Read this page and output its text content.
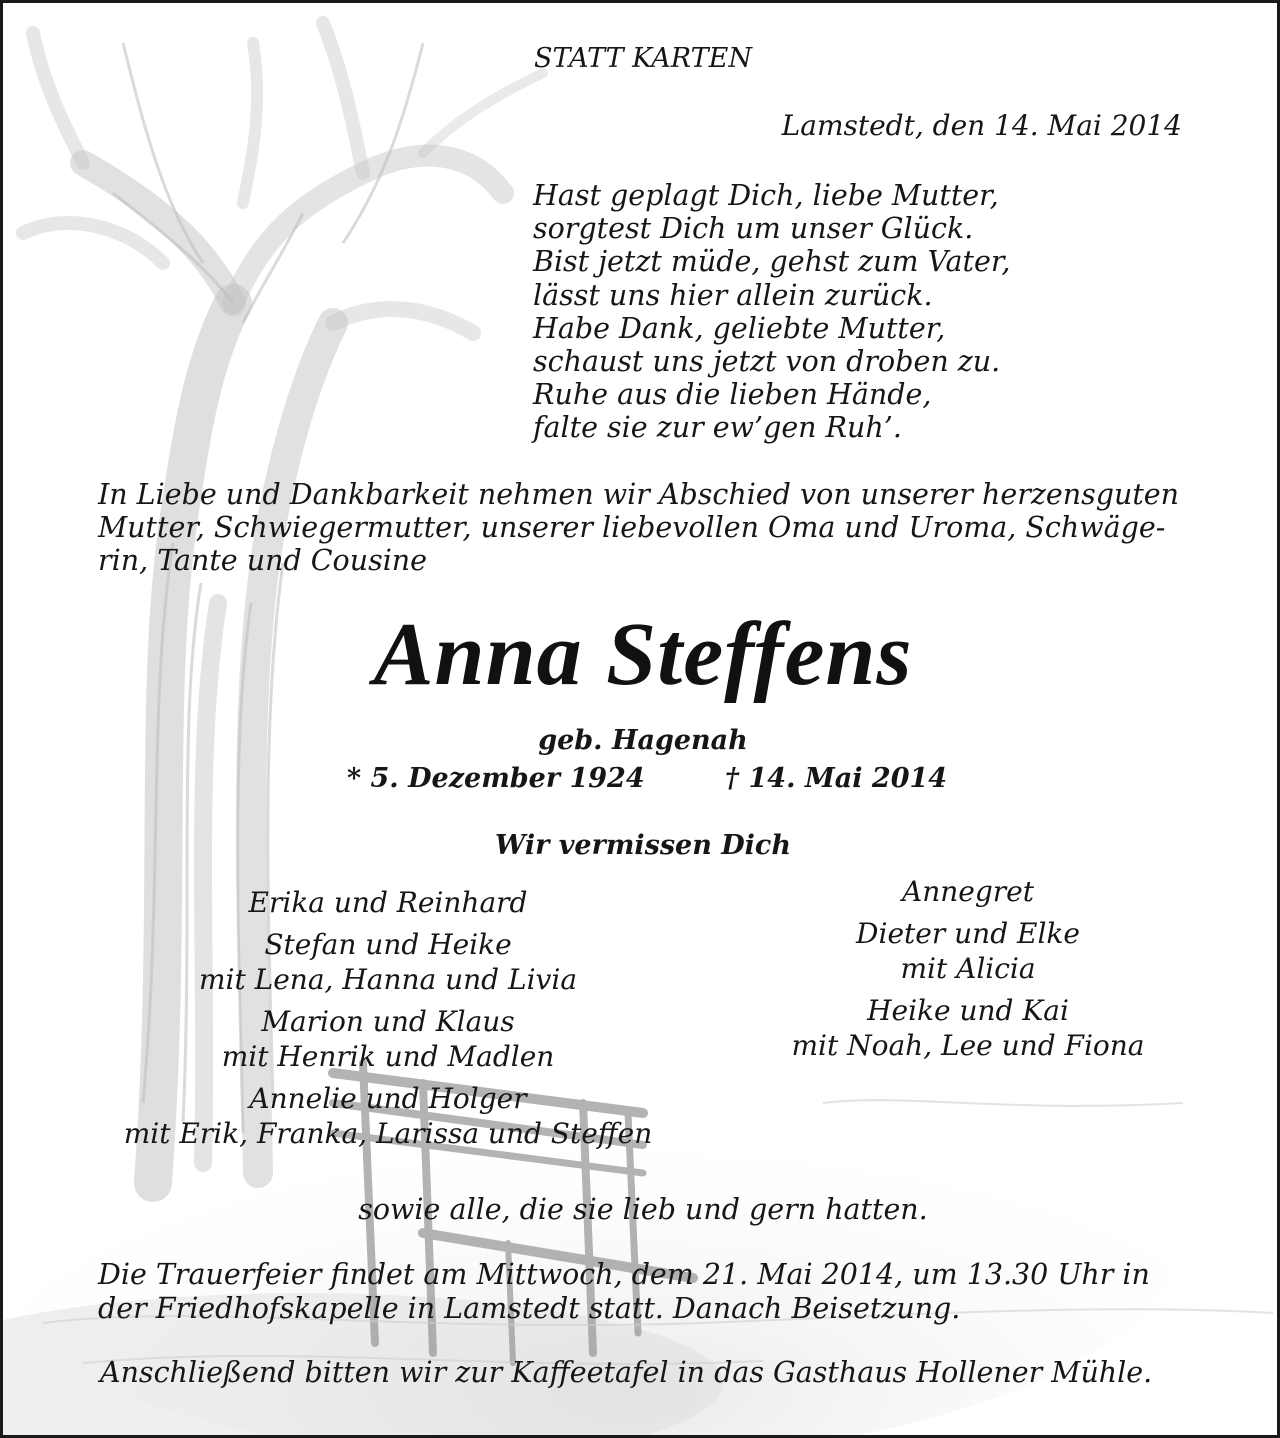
STATT KARTEN

Lamstedt, den 14. Mai 2014

Hast geplagt Dich, liebe Mutter,
sorgtest Dich um unser Glück.
Bist jetzt müde, gehst zum Vater,
lässt uns hier allein zurück.
Habe Dank, geliebte Mutter,
schaust uns jetzt von droben zu.
Ruhe aus die lieben Hände,
falte sie zur ew’gen Ruh’.
In Liebe und Dankbarkeit nehmen wir Abschied von unserer herzensguten
Mutter, Schwiegermutter, unserer liebevollen Oma und Uroma, Schwäge-
rin, Tante und Cousine

Anna Steffens

geb. Hagenah

* 5. Dezember 1924	† 14. Mai 2014

Wir vermissen Dich

Erika und Reinhard
Stefan und Heike
mit Lena, Hanna und Livia
Marion und Klaus
mit Henrik und Madlen
Annelie und Holger
mit Erik, Franka, Larissa und Steffen
Annegret
Dieter und Elke
mit Alicia
Heike und Kai
mit Noah, Lee und Fiona

sowie alle, die sie lieb und gern hatten.

Die Trauerfeier findet am Mittwoch, dem 21. Mai 2014, um 13.30 Uhr in
der Friedhofskapelle in Lamstedt statt. Danach Beisetzung.

Anschließend bitten wir zur Kaffeetafel in das Gasthaus Hollener Mühle.
